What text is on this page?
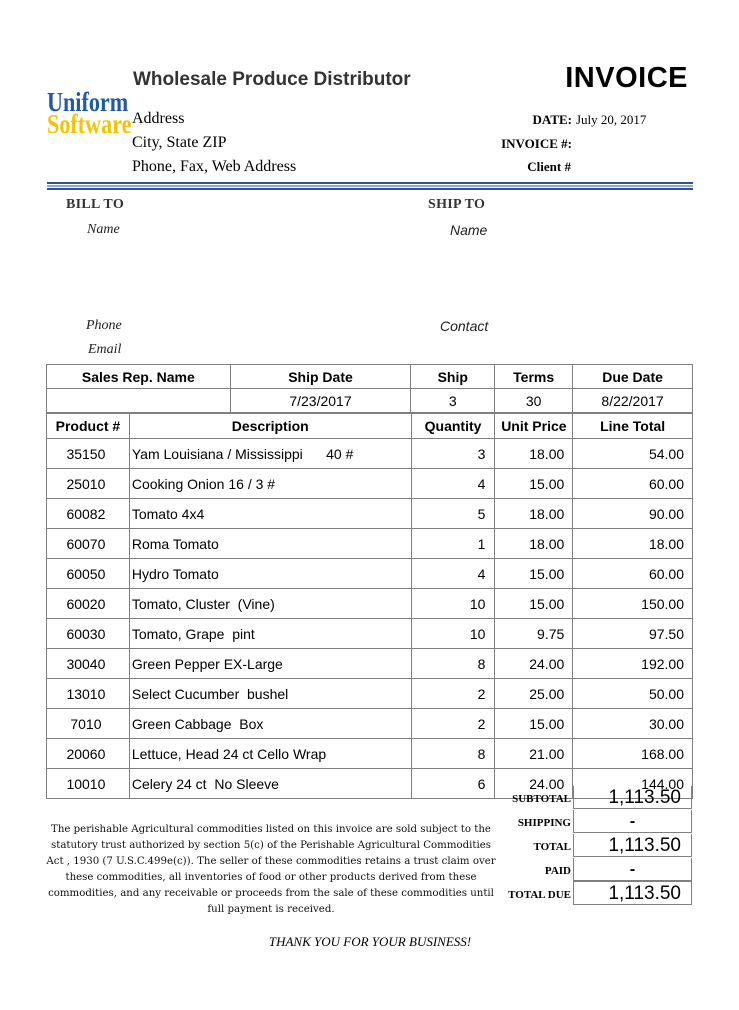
Wholesale Produce Distributor	INVOICE
Uniform
Software Address
City, State ZIP
Phone, Fax, Web Address
DATE: July 20, 2017
INVOICE #:
Client #
BILL TO
Name
Phone
Email
SHIP TO
Name
Contact
Sales Rep. Name	Ship Date	Ship	Terms	Due Date
	7/23/2017	3	30	8/22/2017
Product #	Description	Quantity	Unit Price	Line Total
35150	Yam Louisiana / Mississippi      40 #	3	18.00	54.00
25010	Cooking Onion 16 / 3 #	4	15.00	60.00
60082	Tomato 4x4	5	18.00	90.00
60070	Roma Tomato	1	18.00	18.00
60050	Hydro Tomato	4	15.00	60.00
60020	Tomato, Cluster  (Vine)	10	15.00	150.00
60030	Tomato, Grape  pint	10	9.75	97.50
30040	Green Pepper EX-Large	8	24.00	192.00
13010	Select Cucumber  bushel	2	25.00	50.00
7010	Green Cabbage  Box	2	15.00	30.00
20060	Lettuce, Head 24 ct Cello Wrap	8	21.00	168.00
10010	Celery 24 ct  No Sleeve	6	24.00	144.00
SUBTOTAL	1,113.50
SHIPPING	-
TOTAL	1,113.50
PAID	-
TOTAL DUE	1,113.50
The perishable Agricultural commodities listed on this invoice are sold subject to the statutory trust authorized by section 5(c) of the Perishable Agricultural Commodities Act , 1930 (7 U.S.C.499e(c)). The seller of these commodities retains a trust claim over these commodities, all inventories of food or other products derived from these commodities, and any receivable or proceeds from the sale of these commodities until full payment is received.
THANK YOU FOR YOUR BUSINESS!
